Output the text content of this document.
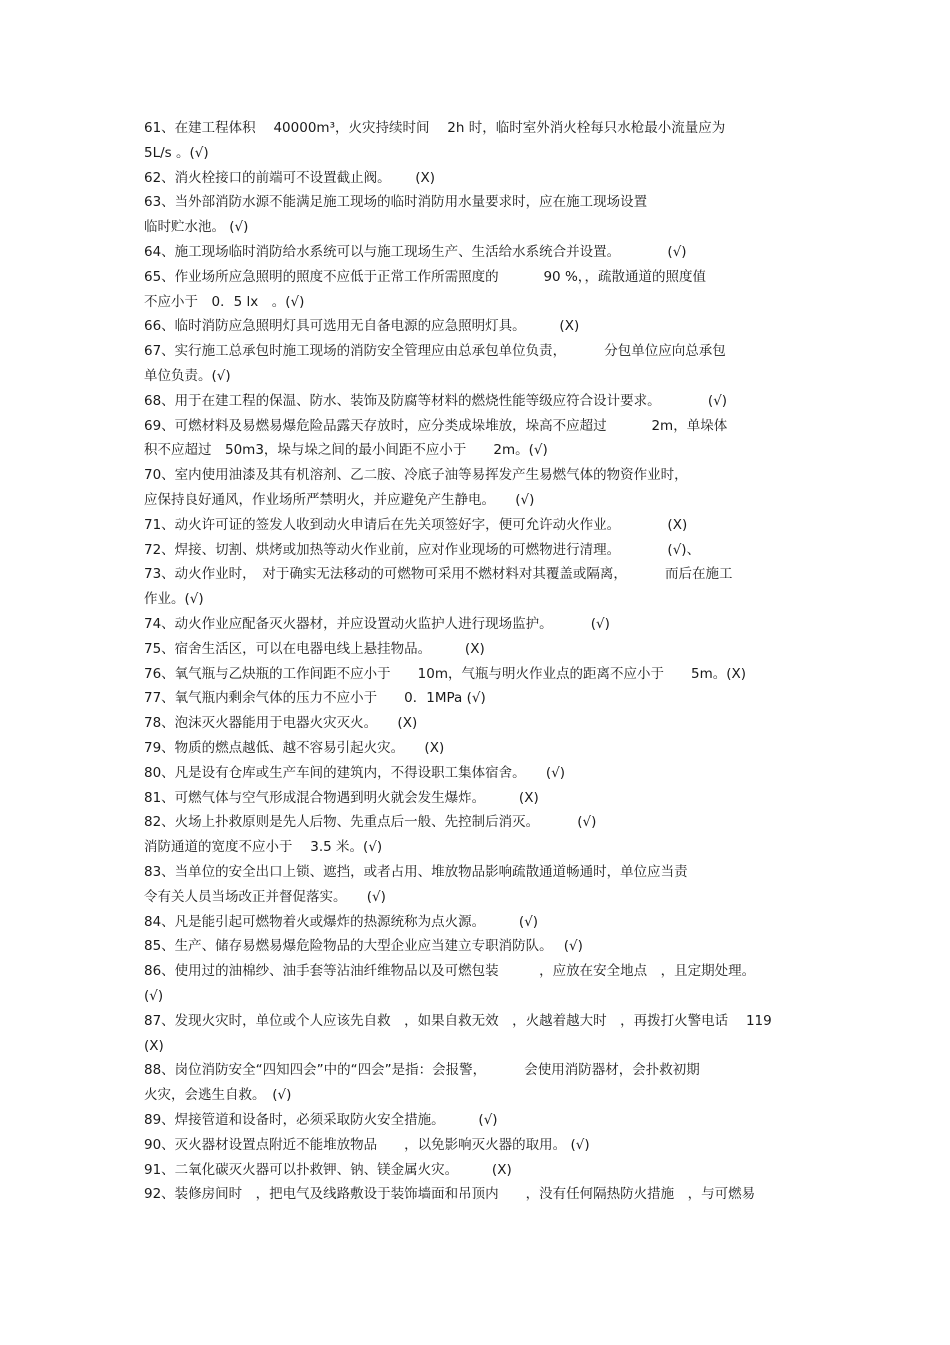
61、在建工程体积　 40000m³，火灾持续时间　 2h 时，临时室外消火栓每只水枪最小流量应为
5L/s 。(√)
62、消火栓接口的前端可不设置截止阀。　　 (X)
63、当外部消防水源不能满足施工现场的临时消防用水量要求时，应在施工现场设置
临时贮水池。 (√)
64、施工现场临时消防给水系统可以与施工现场生产、生活给水系统合并设置。　　　　(√)
65、作业场所应急照明的照度不应低于正常工作所需照度的　　　 90 %，，疏散通道的照度值
不应小于　0．5 lx　。(√)
66、临时消防应急照明灯具可选用无自备电源的应急照明灯具。　　　(X)
67、实行施工总承包时施工现场的消防安全管理应由总承包单位负责，　　　 分包单位应向总承包
单位负责。(√)
68、用于在建工程的保温、防水、装饰及防腐等材料的燃烧性能等级应符合设计要求。　　　　(√)
69、可燃材料及易燃易爆危险品露天存放时，应分类成垛堆放，垛高不应超过　　　 2m，单垛体
积不应超过　50m3，垛与垛之间的最小间距不应小于　　2m。(√)
70、室内使用油漆及其有机溶剂、乙二胺、冷底子油等易挥发产生易燃气体的物资作业时，
应保持良好通风，作业场所严禁明火，并应避免产生静电。　　(√)
71、动火许可证的签发人收到动火申请后在先关项签好字，便可允许动火作业。　　　　(X)
72、焊接、切割、烘烤或加热等动火作业前，应对作业现场的可燃物进行清理。　　　　(√)、
73、动火作业时，　对于确实无法移动的可燃物可采用不燃材料对其覆盖或隔离，　　　 而后在施工
作业。(√)
74、动火作业应配备灭火器材，并应设置动火监护人进行现场监护。　　　 (√)
75、宿舍生活区，可以在电器电线上悬挂物品。　　　(X)
76、氧气瓶与乙炔瓶的工作间距不应小于　　10m，气瓶与明火作业点的距离不应小于　　5m。(X)
77、氧气瓶内剩余气体的压力不应小于　　0．1MPa (√)
78、泡沫灭火器能用于电器火灾灭火。　　(X)
79、物质的燃点越低、越不容易引起火灾。　　(X)
80、凡是设有仓库或生产车间的建筑内，不得设职工集体宿舍。　　(√)
81、可燃气体与空气形成混合物遇到明火就会发生爆炸。　　　(X)
82、火场上扑救原则是先人后物、先重点后一般、先控制后消灭。　　　 (√)
消防通道的宽度不应小于　 3.5 米。(√)
83、当单位的安全出口上锁、遮挡，或者占用、堆放物品影响疏散通道畅通时，单位应当责
令有关人员当场改正并督促落实。　　(√)
84、凡是能引起可燃物着火或爆炸的热源统称为点火源。　　　(√)
85、生产、储存易燃易爆危险物品的大型企业应当建立专职消防队。　 (√)
86、使用过的油棉纱、油手套等沾油纤维物品以及可燃包装　　　，应放在安全地点　，且定期处理。
(√)
87、发现火灾时，单位或个人应该先自救　，如果自救无效　，火越着越大时　，再拨打火警电话　 119
(X)
88、岗位消防安全“四知四会”中的“四会”是指：会报警，　　　 会使用消防器材，会扑救初期
火灾，会逃生自救。　(√)
89、焊接管道和设备时，必须采取防火安全措施。　　　(√)
90、灭火器材设置点附近不能堆放物品　　，以免影响灭火器的取用。 (√)
91、二氧化碳灭火器可以扑救钾、钠、镁金属火灾。　　　(X)
92、装修房间时　，把电气及线路敷设于装饰墙面和吊顶内　　，没有任何隔热防火措施　，与可燃易
